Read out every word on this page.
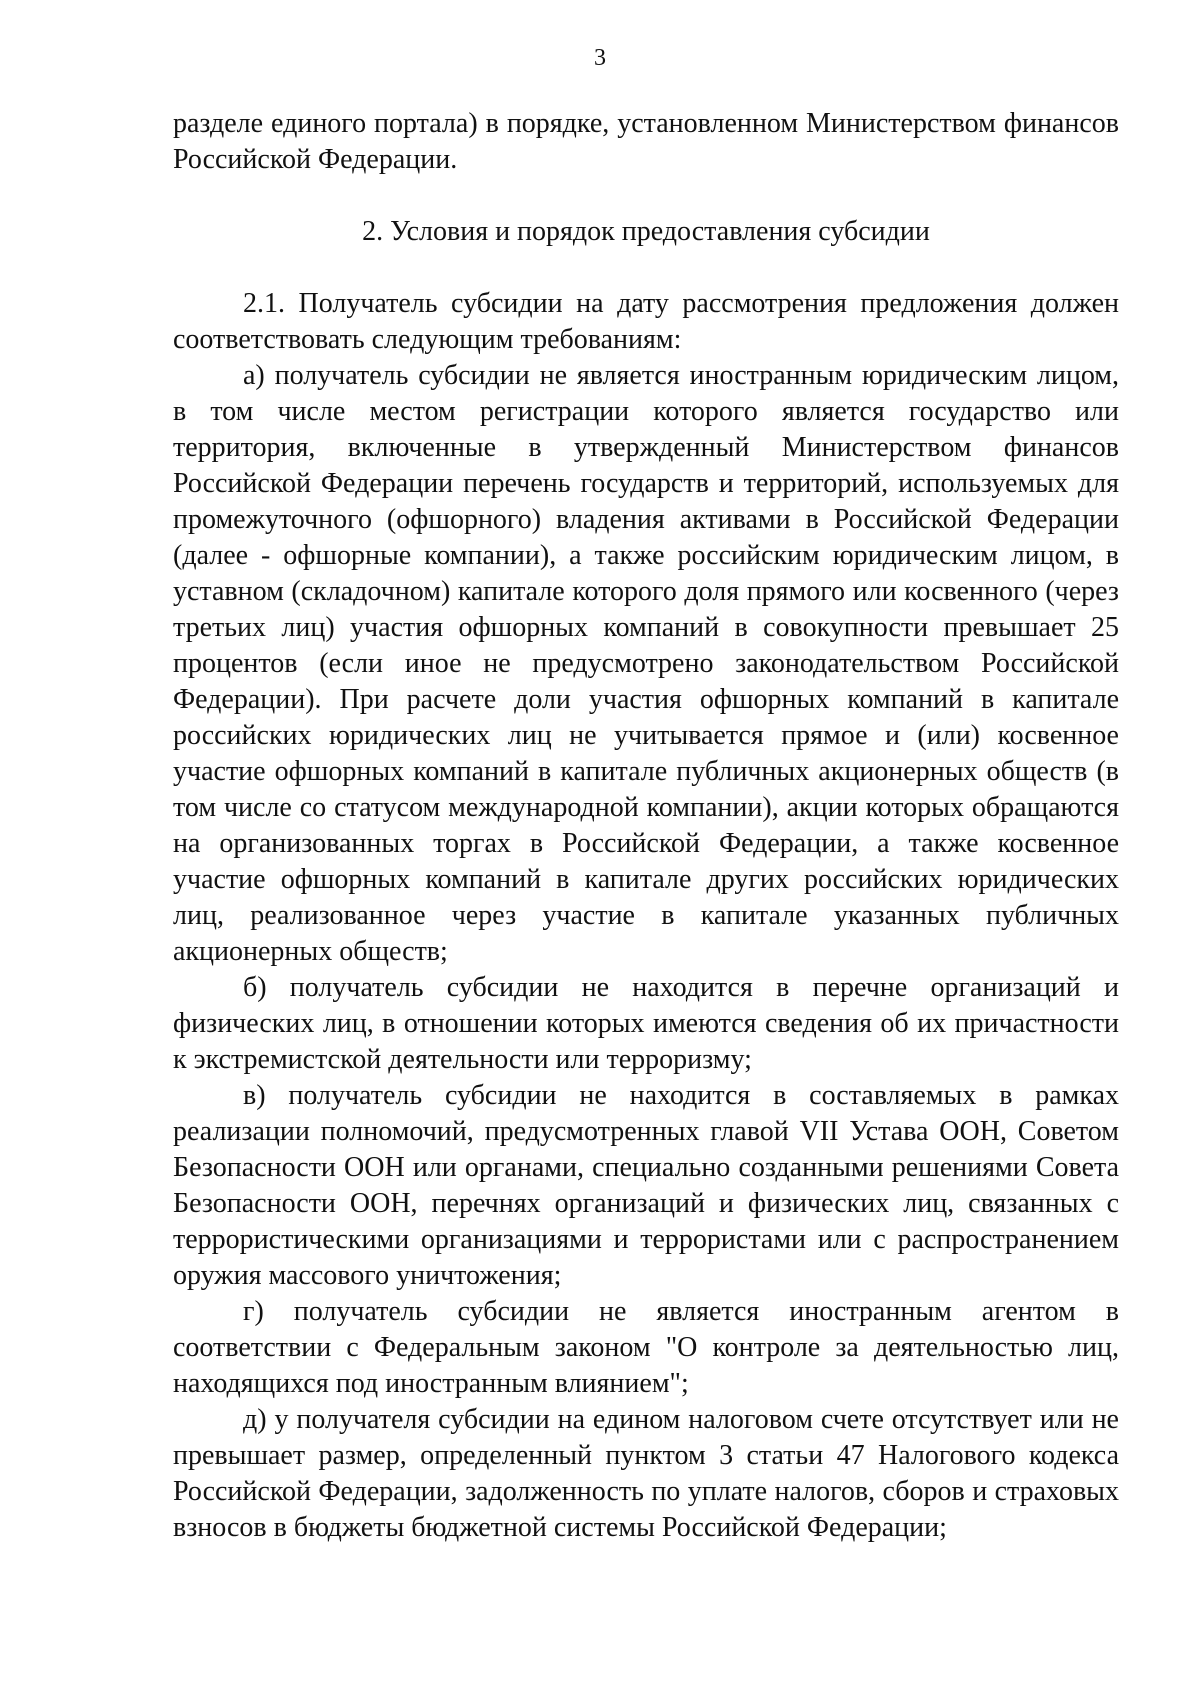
3

разделе единого портала) в порядке, установленном Министерством финансов Российской Федерации.

2. Условия и порядок предоставления субсидии

2.1. Получатель субсидии на дату рассмотрения предложения должен соответствовать следующим требованиям:

а) получатель субсидии не является иностранным юридическим лицом, в том числе местом регистрации которого является государство или территория, включенные в утвержденный Министерством финансов Российской Федерации перечень государств и территорий, используемых для промежуточного (офшорного) владения активами в Российской Федерации (далее - офшорные компании), а также российским юридическим лицом, в уставном (складочном) капитале которого доля прямого или косвенного (через третьих лиц) участия офшорных компаний в совокупности превышает 25 процентов (если иное не предусмотрено законодательством Российской Федерации). При расчете доли участия офшорных компаний в капитале российских юридических лиц не учитывается прямое и (или) косвенное участие офшорных компаний в капитале публичных акционерных обществ (в том числе со статусом международной компании), акции которых обращаются на организованных торгах в Российской Федерации, а также косвенное участие офшорных компаний в капитале других российских юридических лиц, реализованное через участие в капитале указанных публичных акционерных обществ;

б) получатель субсидии не находится в перечне организаций и физических лиц, в отношении которых имеются сведения об их причастности к экстремистской деятельности или терроризму;

в) получатель субсидии не находится в составляемых в рамках реализации полномочий, предусмотренных главой VII Устава ООН, Советом Безопасности ООН или органами, специально созданными решениями Совета Безопасности ООН, перечнях организаций и физических лиц, связанных с террористическими организациями и террористами или с распространением оружия массового уничтожения;

г) получатель субсидии не является иностранным агентом в соответствии с Федеральным законом "О контроле за деятельностью лиц, находящихся под иностранным влиянием";

д) у получателя субсидии на едином налоговом счете отсутствует или не превышает размер, определенный пунктом 3 статьи 47 Налогового кодекса Российской Федерации, задолженность по уплате налогов, сборов и страховых взносов в бюджеты бюджетной системы Российской Федерации;
